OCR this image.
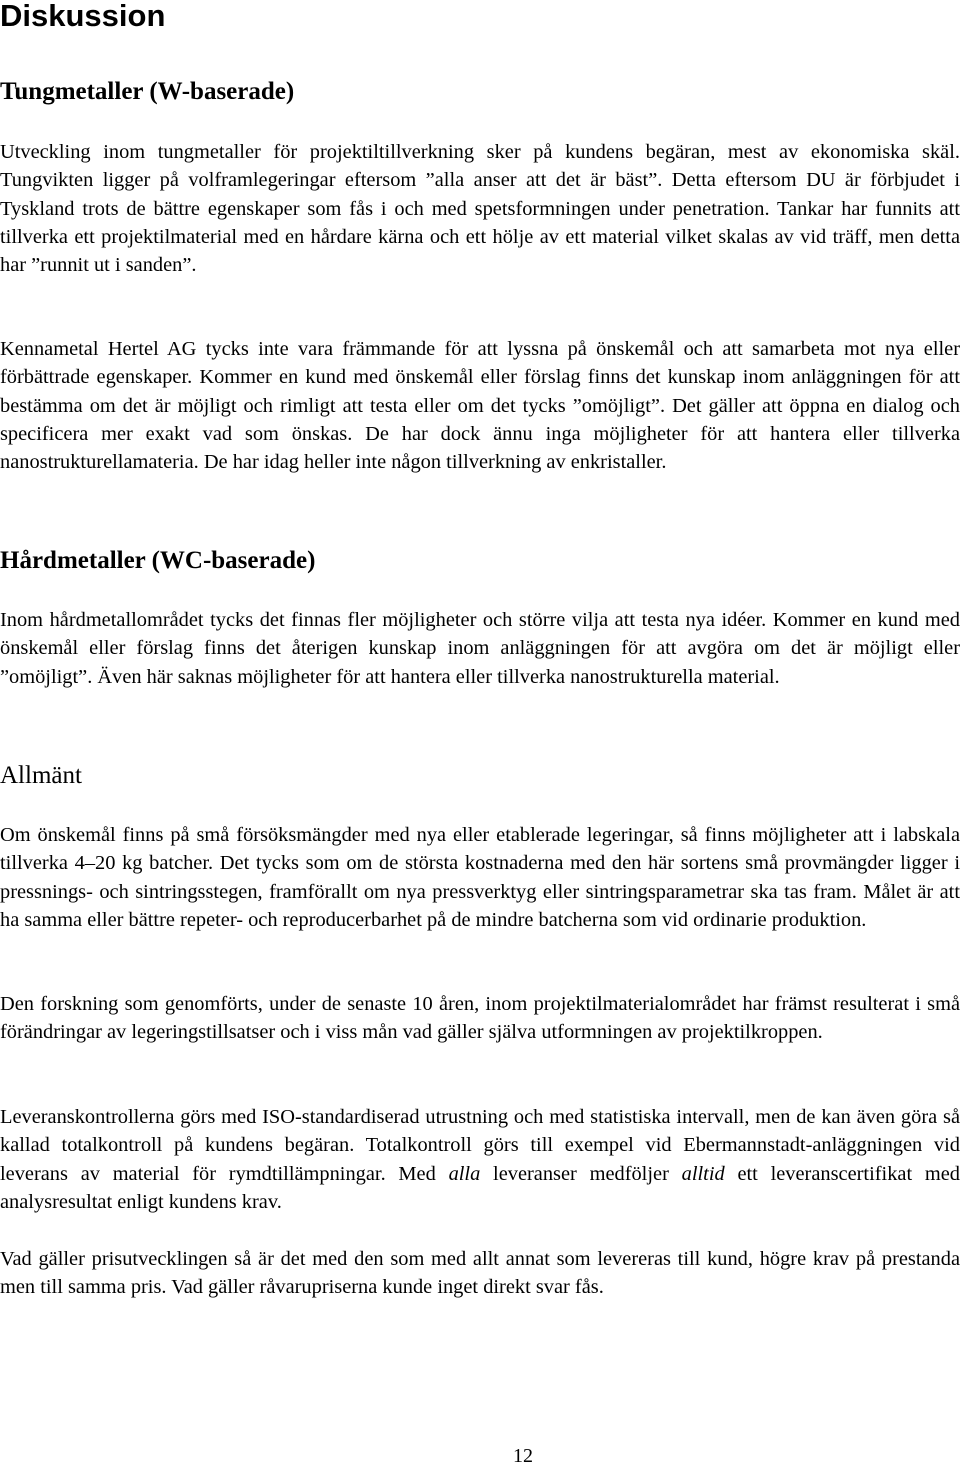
Diskussion
Tungmetaller (W-baserade)

Utveckling inom tungmetaller för projektiltillverkning sker på kundens begäran, mest av ekonomiska skäl. Tungvikten ligger på volframlegeringar eftersom ”alla anser att det är bäst”. Detta eftersom DU är förbjudet i Tyskland trots de bättre egenskaper som fås i och med spetsformningen under penetration. Tankar har funnits att tillverka ett projektilmaterial med en hårdare kärna och ett hölje av ett material vilket skalas av vid träff, men detta har ”runnit ut i sanden”.

Kennametal Hertel AG tycks inte vara främmande för att lyssna på önskemål och att samarbeta mot nya eller förbättrade egenskaper. Kommer en kund med önskemål eller förslag finns det kunskap inom anläggningen för att bestämma om det är möjligt och rimligt att testa eller om det tycks ”omöjligt”. Det gäller att öppna en dialog och specificera mer exakt vad som önskas. De har dock ännu inga möjligheter för att hantera eller tillverka nanostrukturellamateria. De har idag heller inte någon tillverkning av enkristaller.

Hårdmetaller (WC-baserade)

Inom hårdmetallområdet tycks det finnas fler möjligheter och större vilja att testa nya idéer. Kommer en kund med önskemål eller förslag finns det återigen kunskap inom anläggningen för att avgöra om det är möjligt eller ”omöjligt”. Även här saknas möjligheter för att hantera eller tillverka nanostrukturella material.

Allmänt

Om önskemål finns på små försöksmängder med nya eller etablerade legeringar, så finns möjligheter att i labskala tillverka 4–20 kg batcher. Det tycks som om de största kostnaderna med den här sortens små provmängder ligger i pressnings- och sintringsstegen, framförallt om nya pressverktyg eller sintringsparametrar ska tas fram. Målet är att ha samma eller bättre repeter- och reproducerbarhet på de mindre batcherna som vid ordinarie produktion.

Den forskning som genomförts, under de senaste 10 åren, inom projektilmaterialområdet har främst resulterat i små förändringar av legeringstillsatser och i viss mån vad gäller själva utformningen av projektilkroppen.

Leveranskontrollerna görs med ISO-standardiserad utrustning och med statistiska intervall, men de kan även göra så kallad totalkontroll på kundens begäran. Totalkontroll görs till exempel vid Ebermannstadt-anläggningen vid leverans av material för rymdtillämpningar. Med alla leveranser medföljer alltid ett leveranscertifikat med analysresultat enligt kundens krav.

Vad gäller prisutvecklingen så är det med den som med allt annat som levereras till kund, högre krav på prestanda men till samma pris. Vad gäller råvarupriserna kunde inget direkt svar fås.

12
